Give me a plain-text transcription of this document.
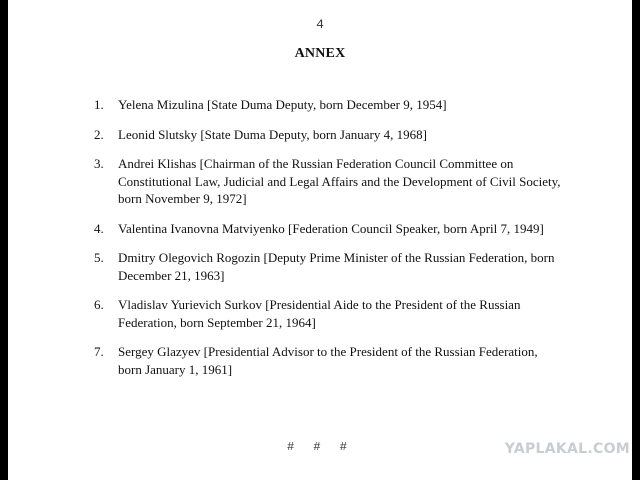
4
ANNEX
1.	Yelena Mizulina [State Duma Deputy, born December 9, 1954]
2.	Leonid Slutsky [State Duma Deputy, born January 4, 1968]
3.	Andrei Klishas [Chairman of the Russian Federation Council Committee on Constitutional Law, Judicial and Legal Affairs and the Development of Civil Society, born November 9, 1972]
4.	Valentina Ivanovna Matviyenko [Federation Council Speaker, born April 7, 1949]
5.	Dmitry Olegovich Rogozin [Deputy Prime Minister of the Russian Federation, born December 21, 1963]
6.	Vladislav Yurievich Surkov [Presidential Aide to the President of the Russian Federation, born September 21, 1964]
7.	Sergey Glazyev [Presidential Advisor to the President of the Russian Federation, born January 1, 1961]
# # #	YAPLAKAL.COM
